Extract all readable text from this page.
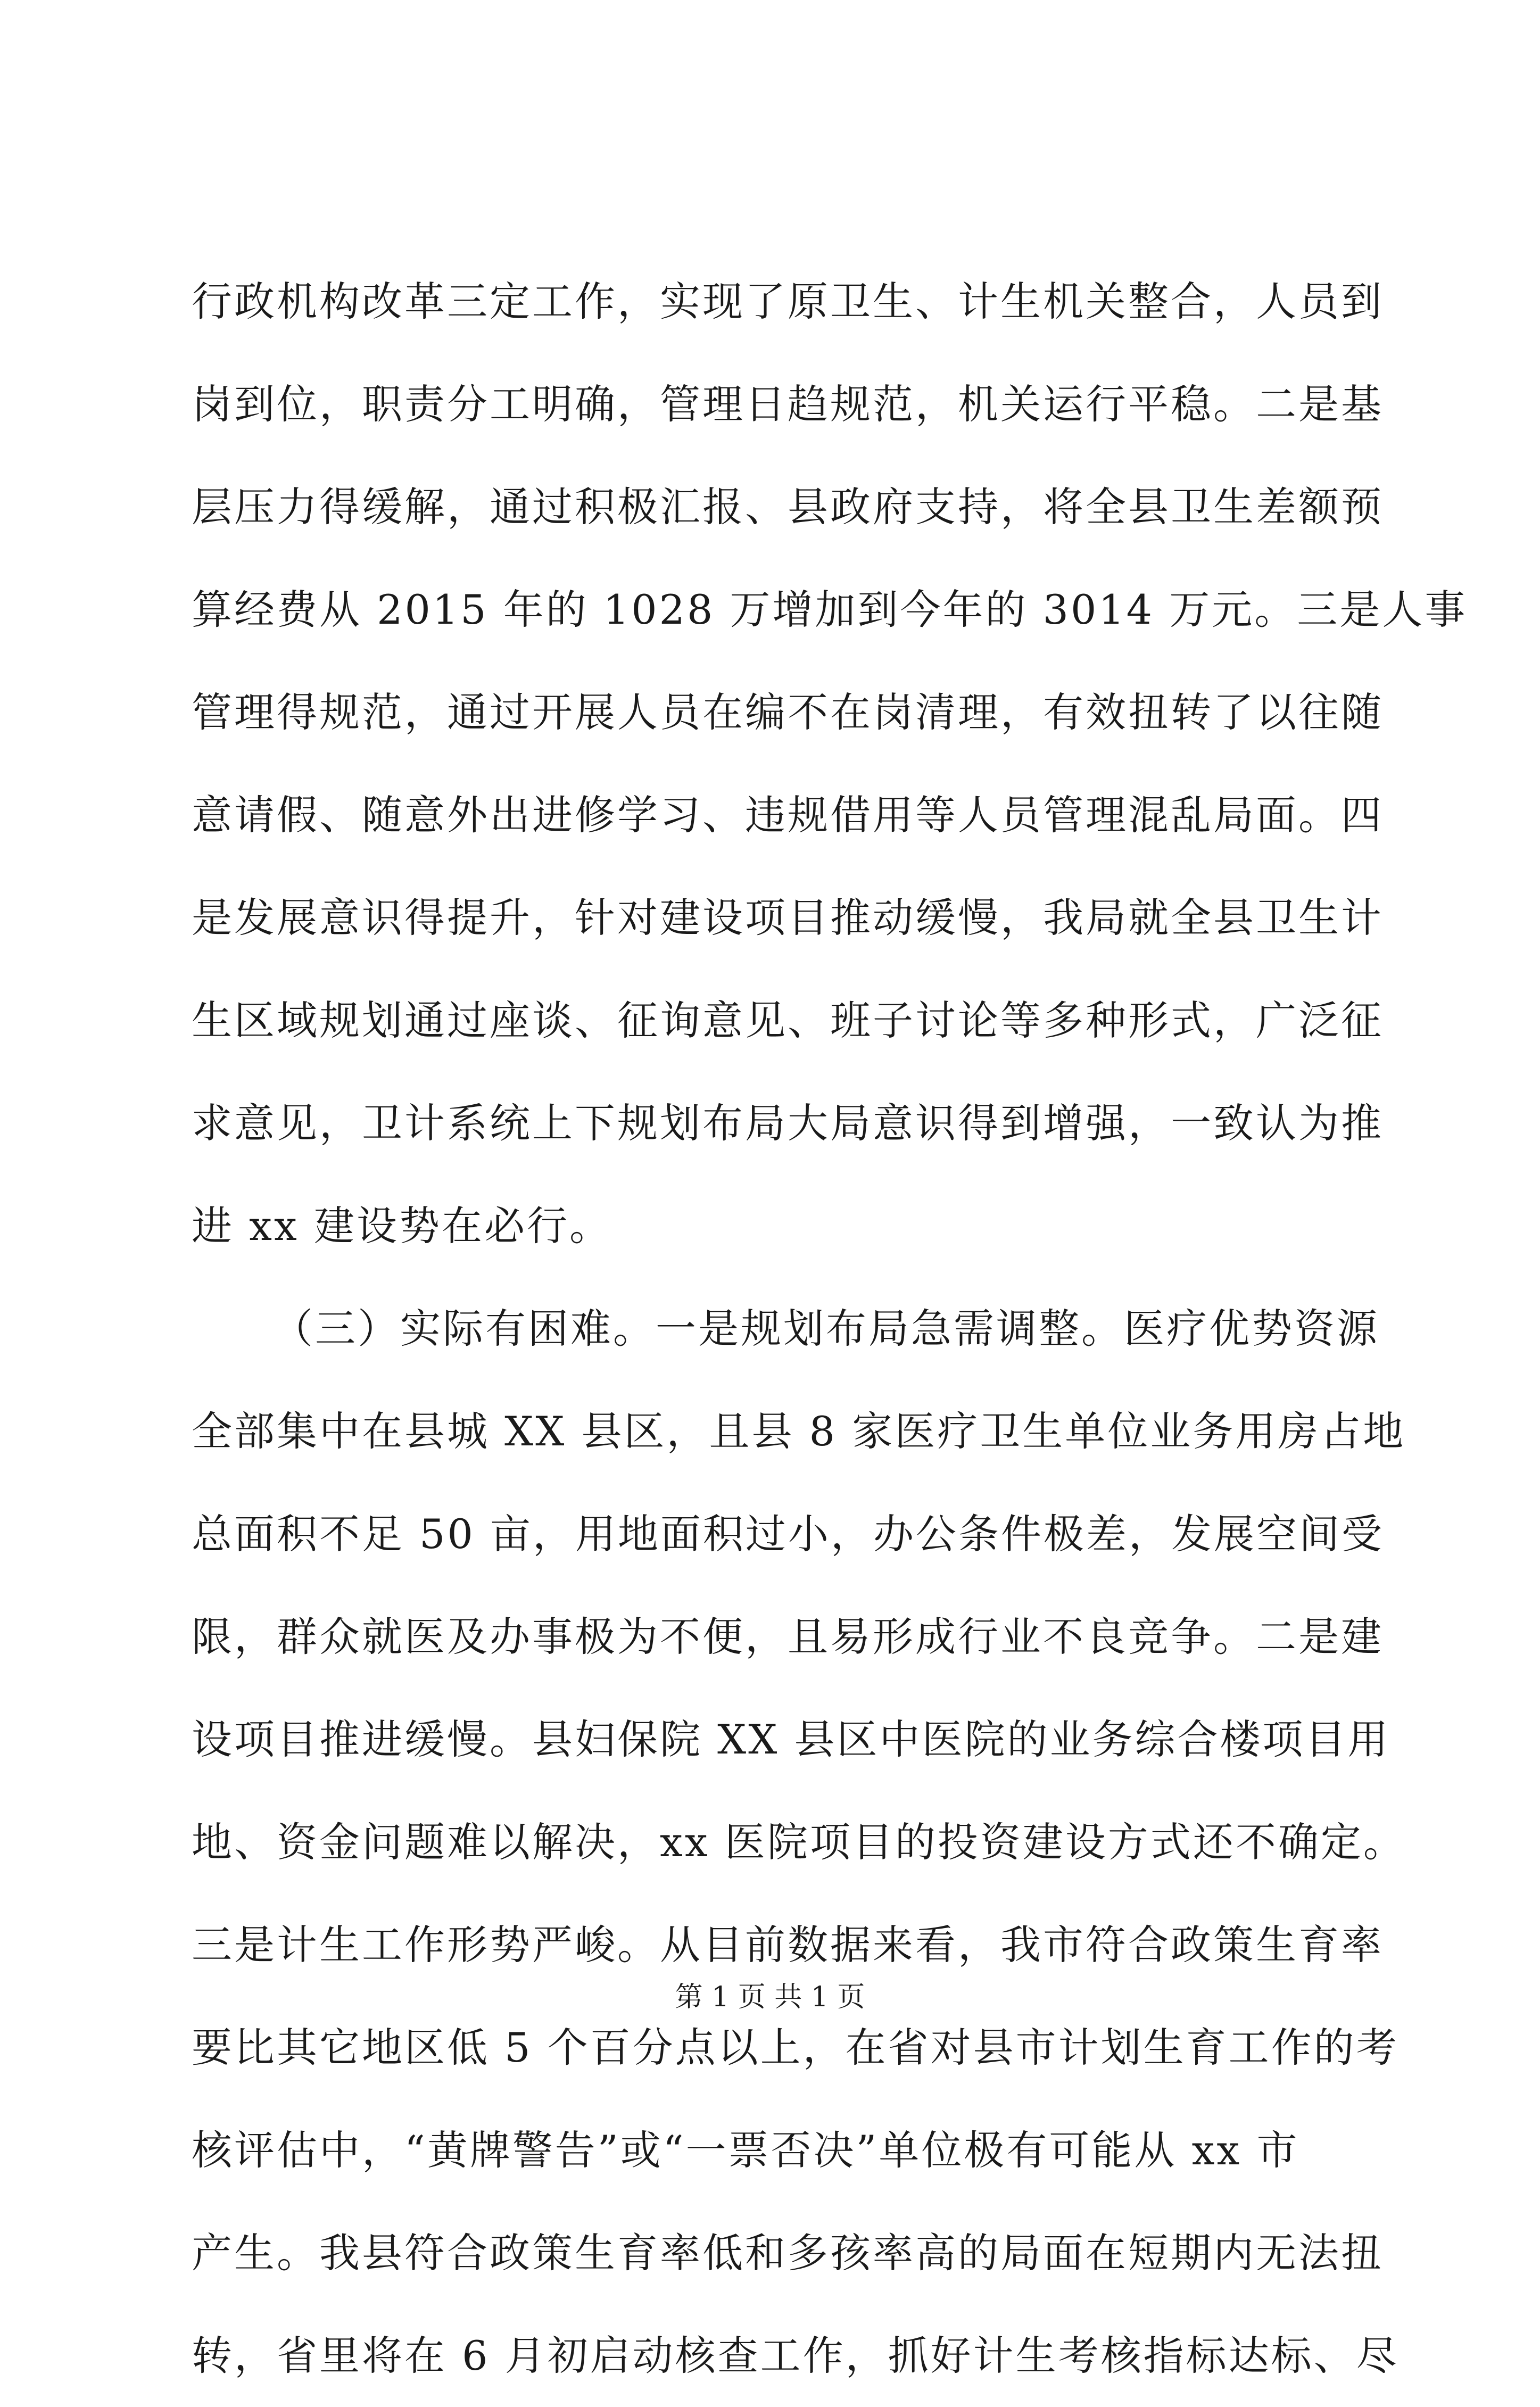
行政机构改革三定工作，实现了原卫生、计生机关整合，人员到
岗到位，职责分工明确，管理日趋规范，机关运行平稳。二是基
层压力得缓解，通过积极汇报、县政府支持，将全县卫生差额预
算经费从 2015 年的 1028 万增加到今年的 3014 万元。三是人事
管理得规范，通过开展人员在编不在岗清理，有效扭转了以往随
意请假、随意外出进修学习、违规借用等人员管理混乱局面。四
是发展意识得提升，针对建设项目推动缓慢，我局就全县卫生计
生区域规划通过座谈、征询意见、班子讨论等多种形式，广泛征
求意见，卫计系统上下规划布局大局意识得到增强，一致认为推
进 xx 建设势在必行。
（三）实际有困难。一是规划布局急需调整。医疗优势资源
全部集中在县城 XX 县区，且县 8 家医疗卫生单位业务用房占地
总面积不足 50 亩，用地面积过小，办公条件极差，发展空间受
限，群众就医及办事极为不便，且易形成行业不良竞争。二是建
设项目推进缓慢。县妇保院 XX 县区中医院的业务综合楼项目用
地、资金问题难以解决，xx 医院项目的投资建设方式还不确定。
三是计生工作形势严峻。从目前数据来看，我市符合政策生育率
要比其它地区低 5 个百分点以上，在省对县市计划生育工作的考
核评估中，“黄牌警告”或“一票否决”单位极有可能从 xx 市
产生。我县符合政策生育率低和多孩率高的局面在短期内无法扭
转，省里将在 6 月初启动核查工作，抓好计生考核指标达标、尽
第 1 页 共 1 页
